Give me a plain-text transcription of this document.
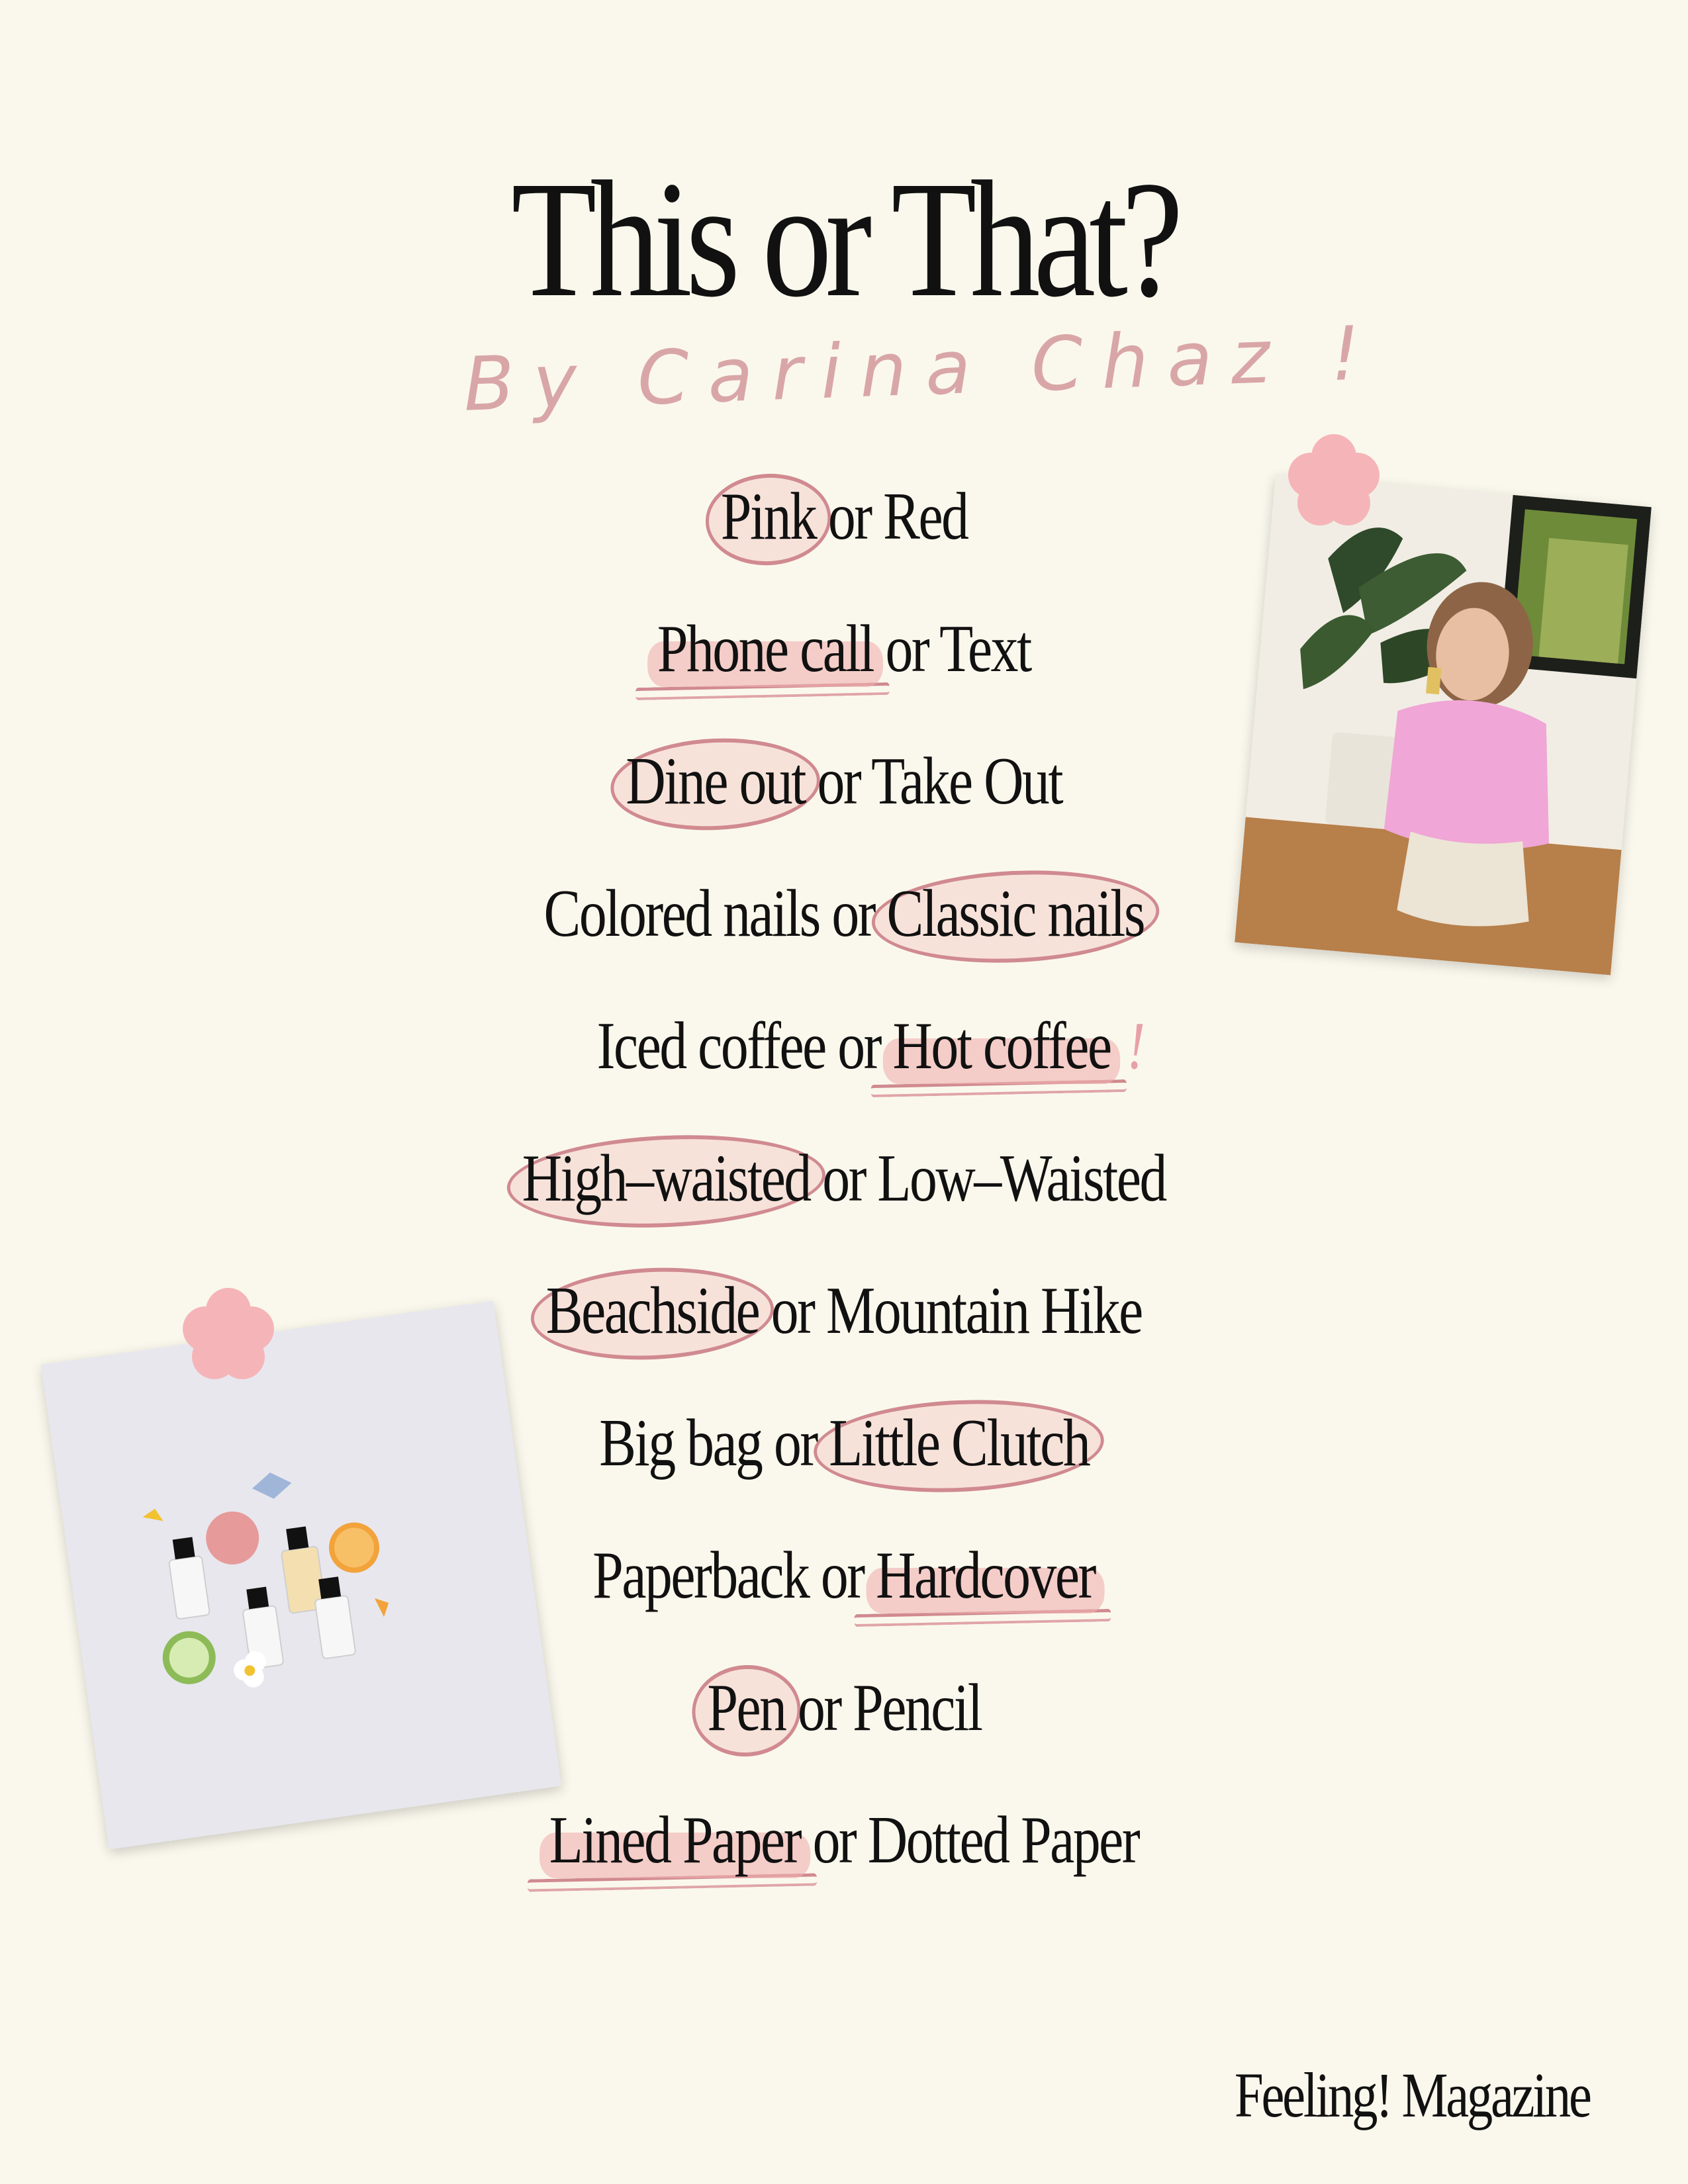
This or That?
By Carina Chaz !
Pink or Red
Phone call or Text
Dine out or Take Out
Colored nails or Classic nails
Iced coffee or Hot coffee !
High–waisted or Low–Waisted
Beachside or Mountain Hike
Big bag or Little Clutch
Paperback or Hardcover
Pen or Pencil
Lined Paper or Dotted Paper
Feeling! Magazine
